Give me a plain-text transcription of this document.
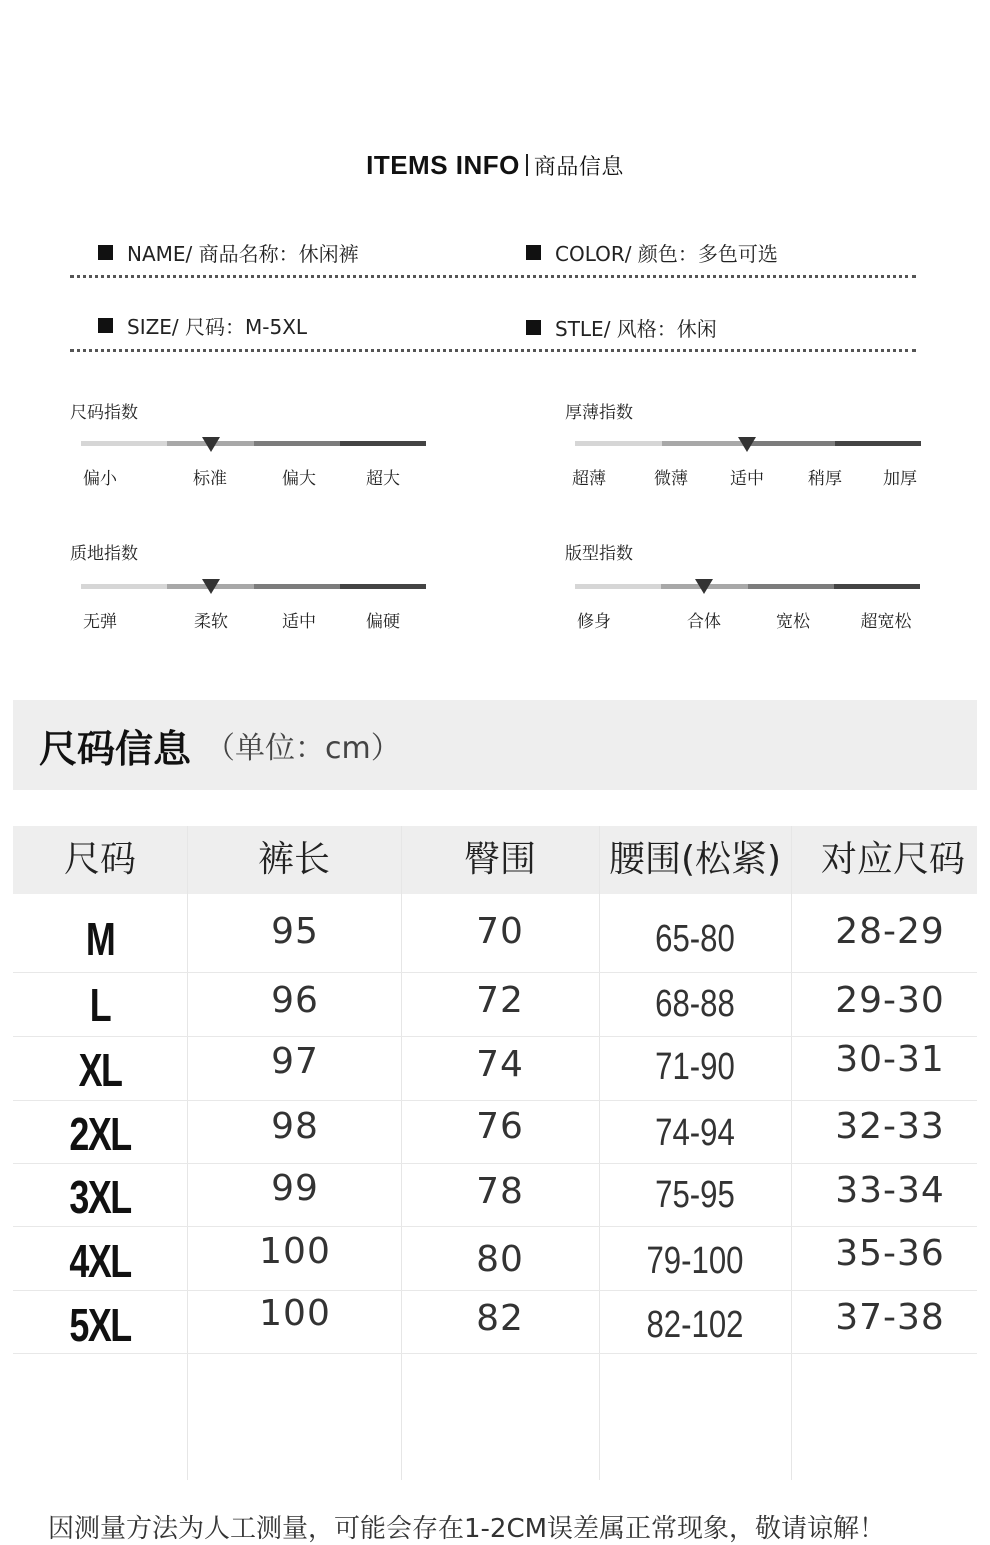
ITEMS INFO 商品信息
NAME/ 商品名称：休闲裤	COLOR/ 颜色：多色可选
SIZE/ 尺码：M-5XL	STLE/ 风格：休闲
尺码指数
偏小	标准	偏大	超大
厚薄指数
超薄	微薄 适中	稍厚 加厚
质地指数
无弹	柔软	适中	偏硬
版型指数
修身	合体	宽松	超宽松
尺码信息 （单位：cm）
尺码	裤长	臀围	腰围(松紧)	对应尺码
M	95	70	65-80	28-29
L	96	72	68-88	29-30
XL	97	74	71-90	30-31
2XL	98	76	74-94	32-33
3XL	99	78	75-95	33-34
4XL	100	80	79-100	35-36
5XL	100	82	82-102	37-38
因测量方法为人工测量，可能会存在1-2CM误差属正常现象，敬请谅解！
